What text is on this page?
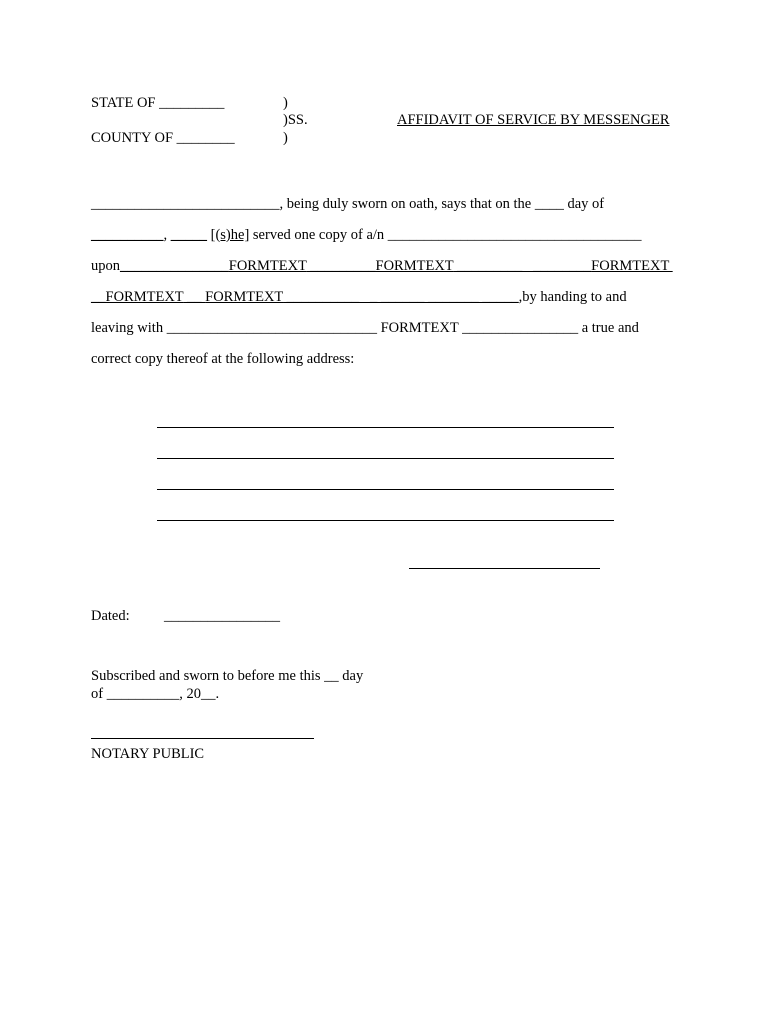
STATE OF _________	)
)SS.	AFFIDAVIT OF SERVICE BY MESSENGER
COUNTY OF ________	)
__________________________, being duly sworn on oath, says that on the ____ day of
__________, _____ [(s)he] served one copy of a/n ___________________________________
upon_______________FORMTEXT _________FORMTEXT _________   ________FORMTEXT
__FORMTEXT __ FORMTEXT __________   _ ______ _______ _____,by handing to and
leaving with _____________________________ FORMTEXT ________________ a true and
correct copy thereof at the following address:
Dated: ________________
Subscribed and sworn to before me this __ day
of __________, 20__.
NOTARY PUBLIC
